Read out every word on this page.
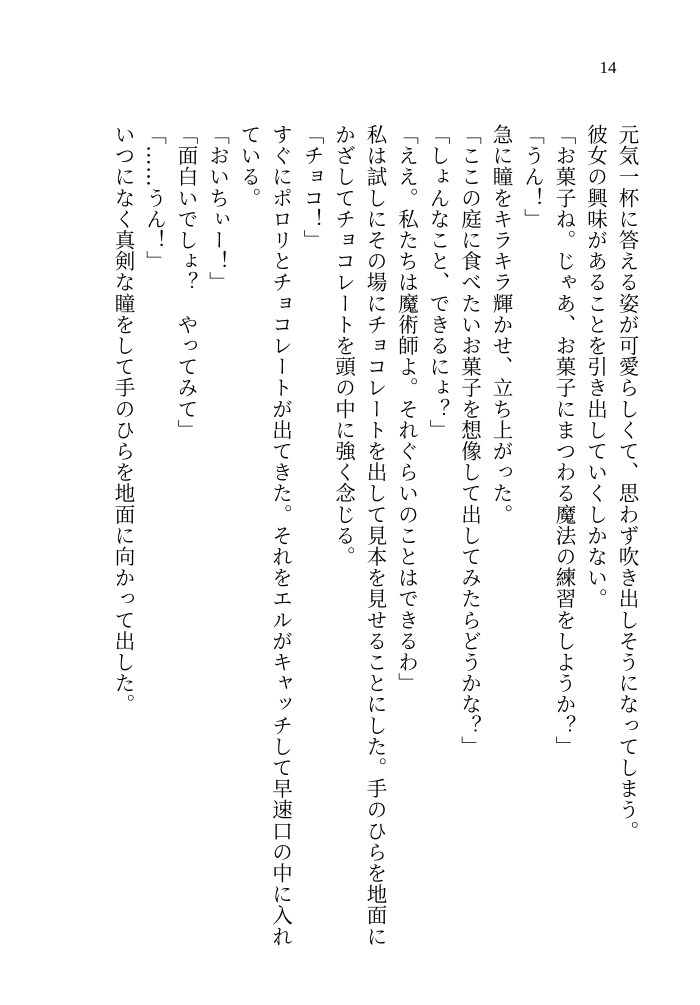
14
元気一杯に答える姿が可愛らしくて、思わず吹き出しそうになってしまう。
彼女の興味があることを引き出していくしかない。
「お菓子ね。じゃあ、お菓子にまつわる魔法の練習をしようか？」
「うん！」
急に瞳をキラキラ輝かせ、立ち上がった。
「ここの庭に食べたいお菓子を想像して出してみたらどうかな？」
「しょんなこと、できるにょ？」
「ええ。私たちは魔術師よ。それぐらいのことはできるわ」
私は試しにその場にチョコレートを出して見本を見せることにした。手のひらを地面に
かざしてチョコレートを頭の中に強く念じる。
「チョコ！」
すぐにポロリとチョコレートが出てきた。それをエルがキャッチして早速口の中に入れ
ている。
「おいちぃー！」
「面白いでしょ？　やってみて」
「……うん！」
いつになく真剣な瞳をして手のひらを地面に向かって出した。
